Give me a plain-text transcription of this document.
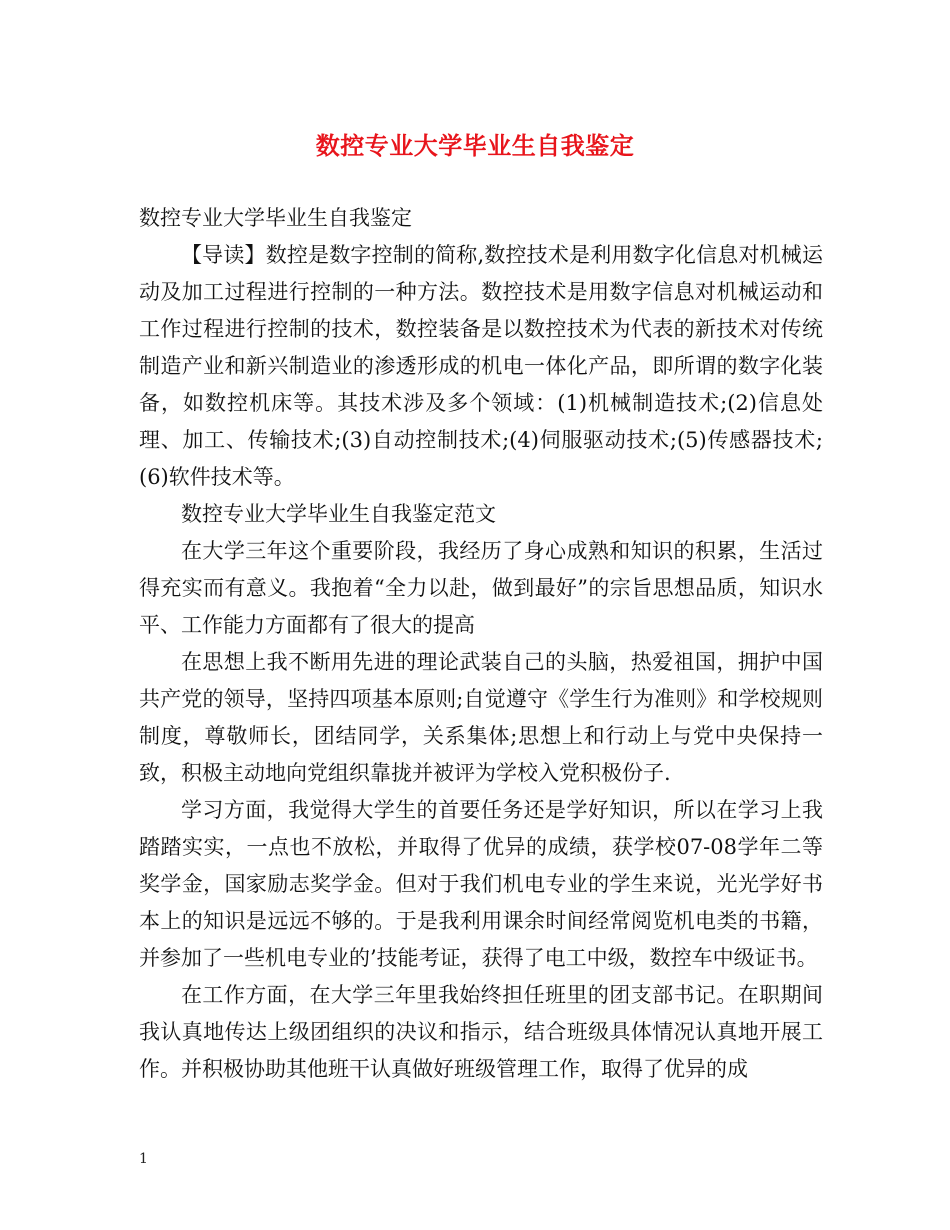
数控专业大学毕业生自我鉴定

数控专业大学毕业生自我鉴定

【导读】数控是数字控制的简称,数控技术是利用数字化信息对机械运动及加工过程进行控制的一种方法。数控技术是用数字信息对机械运动和工作过程进行控制的技术，数控装备是以数控技术为代表的新技术对传统制造产业和新兴制造业的渗透形成的机电一体化产品，即所谓的数字化装备，如数控机床等。其技术涉及多个领域：(1)机械制造技术;(2)信息处理、加工、传输技术;(3)自动控制技术;(4)伺服驱动技术;(5)传感器技术;(6)软件技术等。

数控专业大学毕业生自我鉴定范文

在大学三年这个重要阶段，我经历了身心成熟和知识的积累，生活过得充实而有意义。我抱着“全力以赴，做到最好”的宗旨思想品质，知识水平、工作能力方面都有了很大的提高

在思想上我不断用先进的理论武装自己的头脑，热爱祖国，拥护中国共产党的领导，坚持四项基本原则;自觉遵守《学生行为准则》和学校规则制度，尊敬师长，团结同学，关系集体;思想上和行动上与党中央保持一致，积极主动地向党组织靠拢并被评为学校入党积极份子.

学习方面，我觉得大学生的首要任务还是学好知识，所以在学习上我踏踏实实，一点也不放松，并取得了优异的成绩，获学校07-08学年二等奖学金，国家励志奖学金。但对于我们机电专业的学生来说，光光学好书本上的知识是远远不够的。于是我利用课余时间经常阅览机电类的书籍，并参加了一些机电专业的’技能考证，获得了电工中级，数控车中级证书。

在工作方面，在大学三年里我始终担任班里的团支部书记。在职期间我认真地传达上级团组织的决议和指示，结合班级具体情况认真地开展工作。并积极协助其他班干认真做好班级管理工作，取得了优异的成

1
